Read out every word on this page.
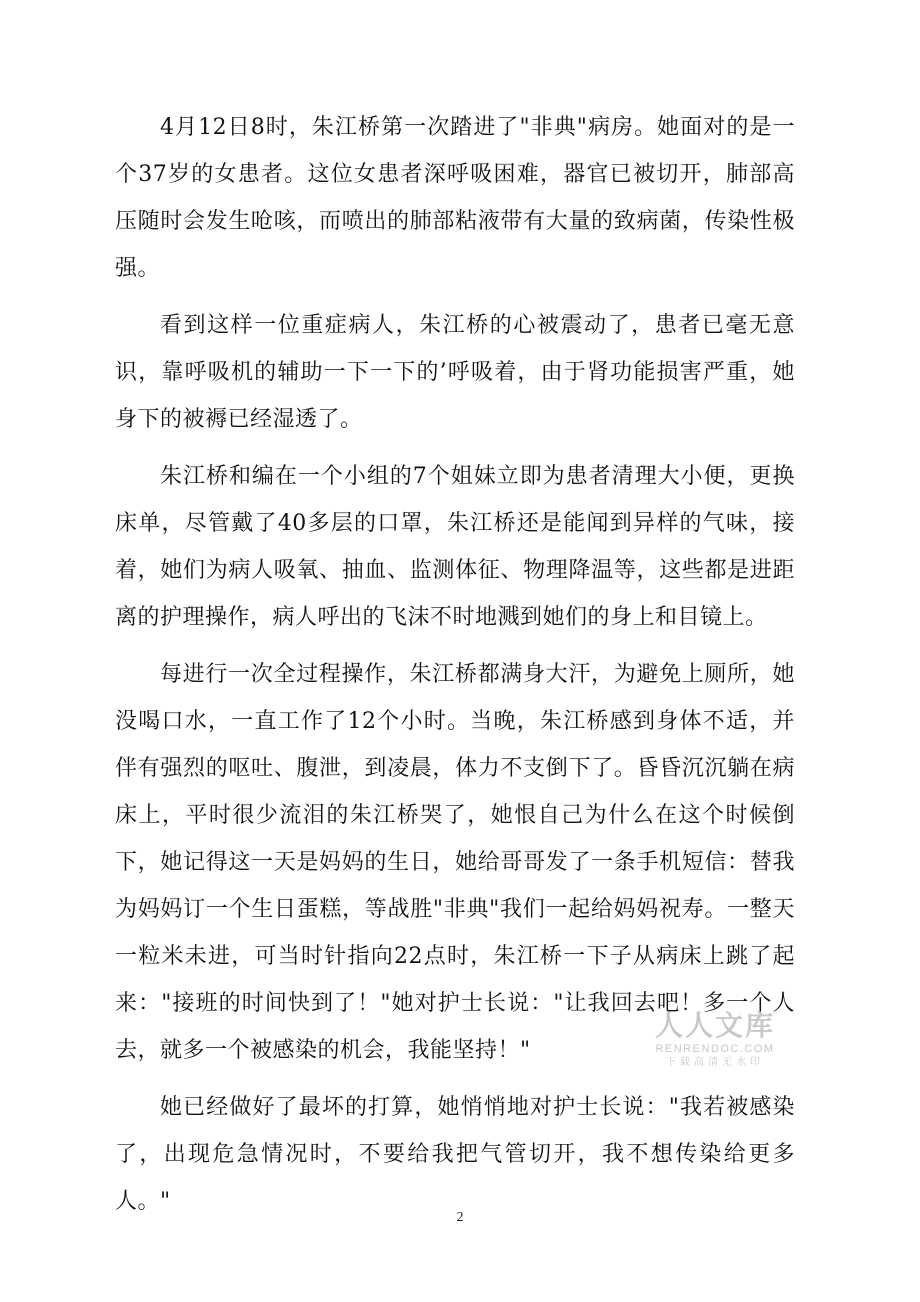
4月12日8时，朱江桥第一次踏进了"非典"病房。她面对的是一个37岁的女患者。这位女患者深呼吸困难，器官已被切开，肺部高压随时会发生呛咳，而喷出的肺部粘液带有大量的致病菌，传染性极强。

看到这样一位重症病人，朱江桥的心被震动了，患者已毫无意识，靠呼吸机的辅助一下一下的’呼吸着，由于肾功能损害严重，她身下的被褥已经湿透了。

朱江桥和编在一个小组的7个姐妹立即为患者清理大小便，更换床单，尽管戴了40多层的口罩，朱江桥还是能闻到异样的气味，接着，她们为病人吸氧、抽血、监测体征、物理降温等，这些都是进距离的护理操作，病人呼出的飞沫不时地溅到她们的身上和目镜上。

每进行一次全过程操作，朱江桥都满身大汗，为避免上厕所，她没喝口水，一直工作了12个小时。当晚，朱江桥感到身体不适，并伴有强烈的呕吐、腹泄，到凌晨，体力不支倒下了。昏昏沉沉躺在病床上，平时很少流泪的朱江桥哭了，她恨自己为什么在这个时候倒下，她记得这一天是妈妈的生日，她给哥哥发了一条手机短信：替我为妈妈订一个生日蛋糕，等战胜"非典"我们一起给妈妈祝寿。一整天一粒米未进，可当时针指向22点时，朱江桥一下子从病床上跳了起来："接班的时间快到了！"她对护士长说："让我回去吧！多一个人去，就多一个被感染的机会，我能坚持！"

她已经做好了最坏的打算，她悄悄地对护士长说："我若被感染了，出现危急情况时，不要给我把气管切开，我不想传染给更多人。"

人人文库
RENRENDOC.COM
下载高清无水印
2
